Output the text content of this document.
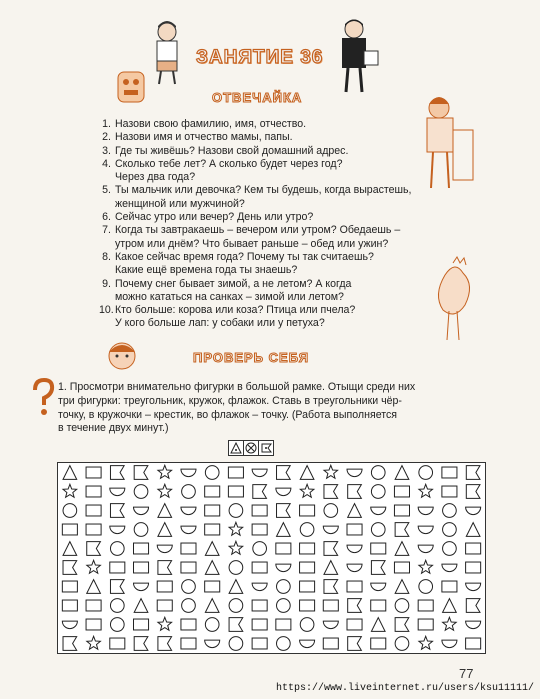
ЗАНЯТИЕ 36
ОТВЕЧАЙКА
1. Назови свою фамилию, имя, отчество.
2. Назови имя и отчество мамы, папы.
3. Где ты живёшь? Назови свой домашний адрес.
4. Сколько тебе лет? А сколько будет через год?
Через два года?
5. Ты мальчик или девочка? Кем ты будешь, когда вырастешь,
женщиной или мужчиной?
6. Сейчас утро или вечер? День или утро?
7. Когда ты завтракаешь – вечером или утром? Обедаешь –
утром или днём? Что бывает раньше – обед или ужин?
8. Какое сейчас время года? Почему ты так считаешь?
Какие ещё времена года ты знаешь?
9. Почему снег бывает зимой, а не летом? А когда
можно кататься на санках – зимой или летом?
10. Кто больше: корова или коза? Птица или пчела?
У кого больше лап: у собаки или у петуха?
ПРОВЕРЬ СЕБЯ
1. Просмотри внимательно фигурки в большой рамке. Отыщи среди них
три фигурки: треугольник, кружок, флажок. Ставь в треугольники чёр-
точку, в кружочки – крестик, во флажок – точку. (Работа выполняется
в течение двух минут.)
77
https://www.liveinternet.ru/users/ksu11111/
